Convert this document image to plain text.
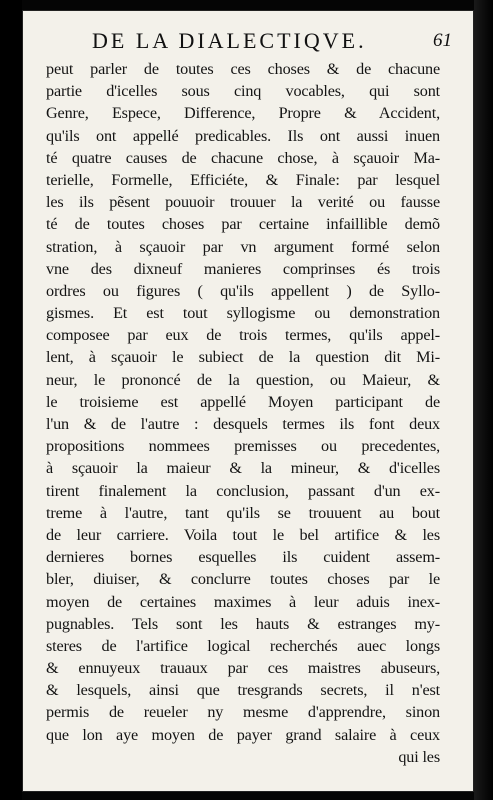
DE LA DIALECTIQVE.	61
peut parler de toutes ces choses & de chacune
partie d'icelles sous cinq vocables, qui sont
Genre, Espece, Difference, Propre & Accident,
qu'ils ont appellé predicables. Ils ont aussi inuen
té quatre causes de chacune chose, à sçauoir Ma-
terielle, Formelle, Efficiéte, & Finale: par lesquel
les ils pẽsent pouuoir trouuer la verité ou fausse
té de toutes choses par certaine infaillible demõ
stration, à sçauoir par vn argument formé selon
vne des dixneuf manieres comprinses és trois
ordres ou figures ( qu'ils appellent ) de Syllo-
gismes. Et est tout syllogisme ou demonstration
composee par eux de trois termes, qu'ils appel-
lent, à sçauoir le subiect de la question dit Mi-
neur, le prononcé de la question, ou Maieur, &
le troisieme est appellé Moyen participant de
l'un & de l'autre : desquels termes ils font deux
propositions nommees premisses ou precedentes,
à sçauoir la maieur & la mineur, & d'icelles
tirent finalement la conclusion, passant d'un ex-
treme à l'autre, tant qu'ils se trouuent au bout
de leur carriere. Voila tout le bel artifice & les
dernieres bornes esquelles ils cuident assem-
bler, diuiser, & conclurre toutes choses par le
moyen de certaines maximes à leur aduis inex-
pugnables. Tels sont les hauts & estranges my-
steres de l'artifice logical recherchés auec longs
& ennuyeux trauaux par ces maistres abuseurs,
& lesquels, ainsi que tresgrands secrets, il n'est
permis de reueler ny mesme d'apprendre, sinon
que lon aye moyen de payer grand salaire à ceux
qui les
